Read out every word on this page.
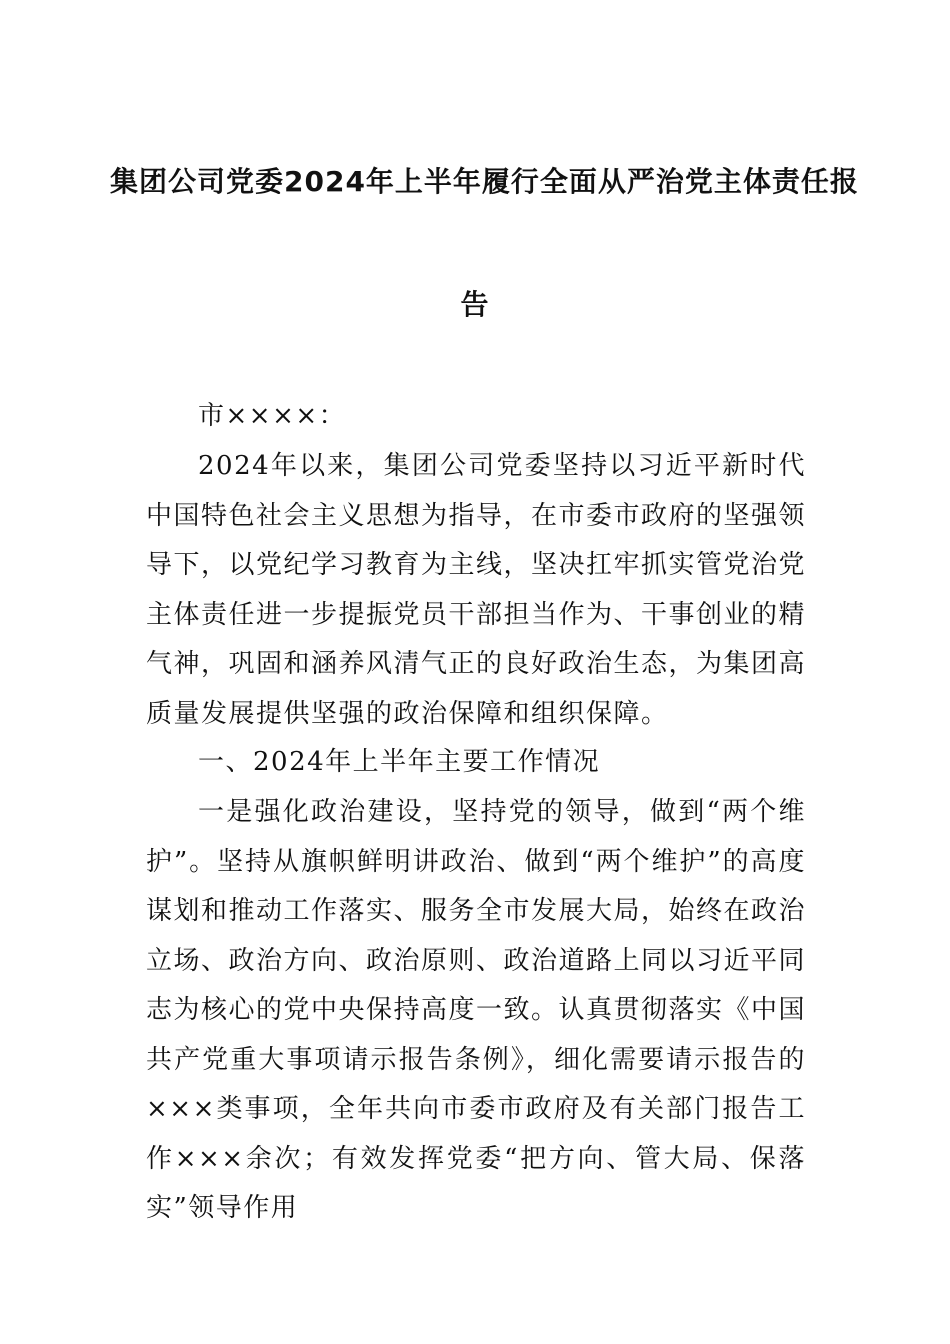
集团公司党委2024年上半年履行全面从严治党主体责任报
告
市××××：
2024年以来，集团公司党委坚持以习近平新时代中国特色社会主义思想为指导，在市委市政府的坚强领导下，以党纪学习教育为主线，坚决扛牢抓实管党治党主体责任进一步提振党员干部担当作为、干事创业的精气神，巩固和涵养风清气正的良好政治生态，为集团高质量发展提供坚强的政治保障和组织保障。
一、2024年上半年主要工作情况
一是强化政治建设，坚持党的领导，做到“两个维护”。坚持从旗帜鲜明讲政治、做到“两个维护”的高度谋划和推动工作落实、服务全市发展大局，始终在政治立场、政治方向、政治原则、政治道路上同以习近平同志为核心的党中央保持高度一致。认真贯彻落实《中国共产党重大事项请示报告条例》，细化需要请示报告的×××类事项，全年共向市委市政府及有关部门报告工作×××余次；有效发挥党委“把方向、管大局、保落实”领导作用
